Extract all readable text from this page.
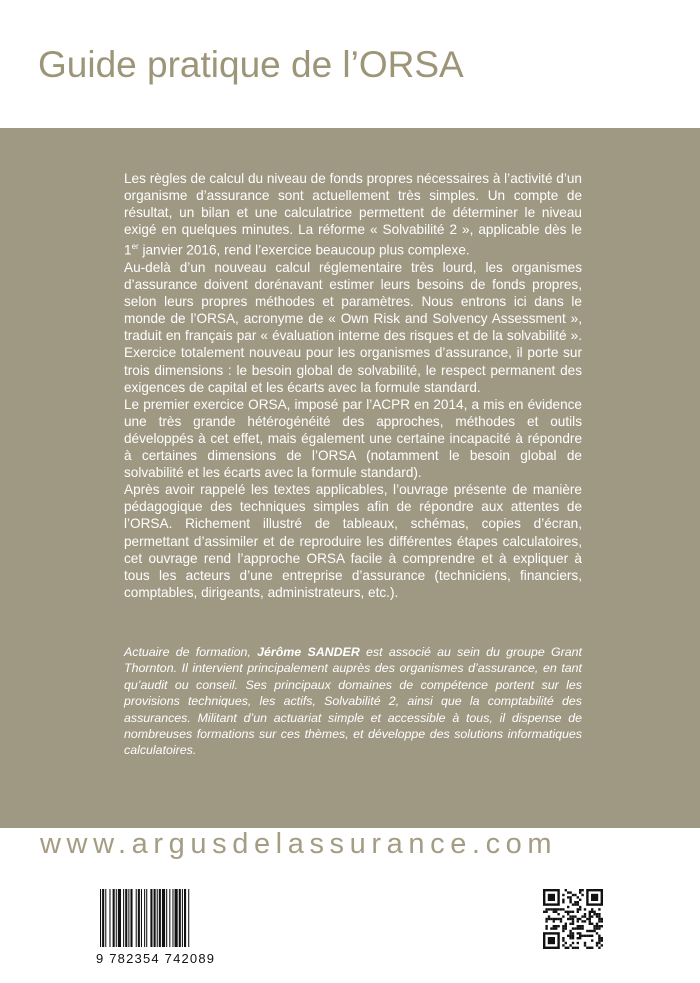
Guide pratique de l’ORSA

Les règles de calcul du niveau de fonds propres nécessaires à l’activité d’un organisme d’assurance sont actuellement très simples. Un compte de résultat, un bilan et une calculatrice permettent de déterminer le niveau exigé en quelques minutes. La réforme « Solvabilité 2 », applicable dès le 1er janvier 2016, rend l’exercice beaucoup plus complexe.

Au-delà d’un nouveau calcul réglementaire très lourd, les organismes d’assurance doivent dorénavant estimer leurs besoins de fonds propres, selon leurs propres méthodes et paramètres. Nous entrons ici dans le monde de l’ORSA, acronyme de « Own Risk and Solvency Assessment », traduit en français par « évaluation interne des risques et de la solvabilité ». Exercice totalement nouveau pour les organismes d’assurance, il porte sur trois dimensions : le besoin global de solvabilité, le respect permanent des exigences de capital et les écarts avec la formule standard.

Le premier exercice ORSA, imposé par l’ACPR en 2014, a mis en évidence une très grande hétérogénéité des approches, méthodes et outils développés à cet effet, mais également une certaine incapacité à répondre à certaines dimensions de l’ORSA (notamment le besoin global de solvabilité et les écarts avec la formule standard).

Après avoir rappelé les textes applicables, l’ouvrage présente de manière pédagogique des techniques simples afin de répondre aux attentes de l’ORSA. Richement illustré de tableaux, schémas, copies d’écran, permettant d’assimiler et de reproduire les différentes étapes calculatoires, cet ouvrage rend l’approche ORSA facile à comprendre et à expliquer à tous les acteurs d’une entreprise d’assurance (techniciens, financiers, comptables, dirigeants, administrateurs, etc.).

Actuaire de formation, Jérôme SANDER est associé au sein du groupe Grant Thornton. Il intervient principalement auprès des organismes d’assurance, en tant qu’audit ou conseil. Ses principaux domaines de compétence portent sur les provisions techniques, les actifs, Solvabilité 2, ainsi que la comptabilité des assurances. Militant d’un actuariat simple et accessible à tous, il dispense de nombreuses formations sur ces thèmes, et développe des solutions informatiques calculatoires.

www.argusdelassurance.com
9 782354 742089
